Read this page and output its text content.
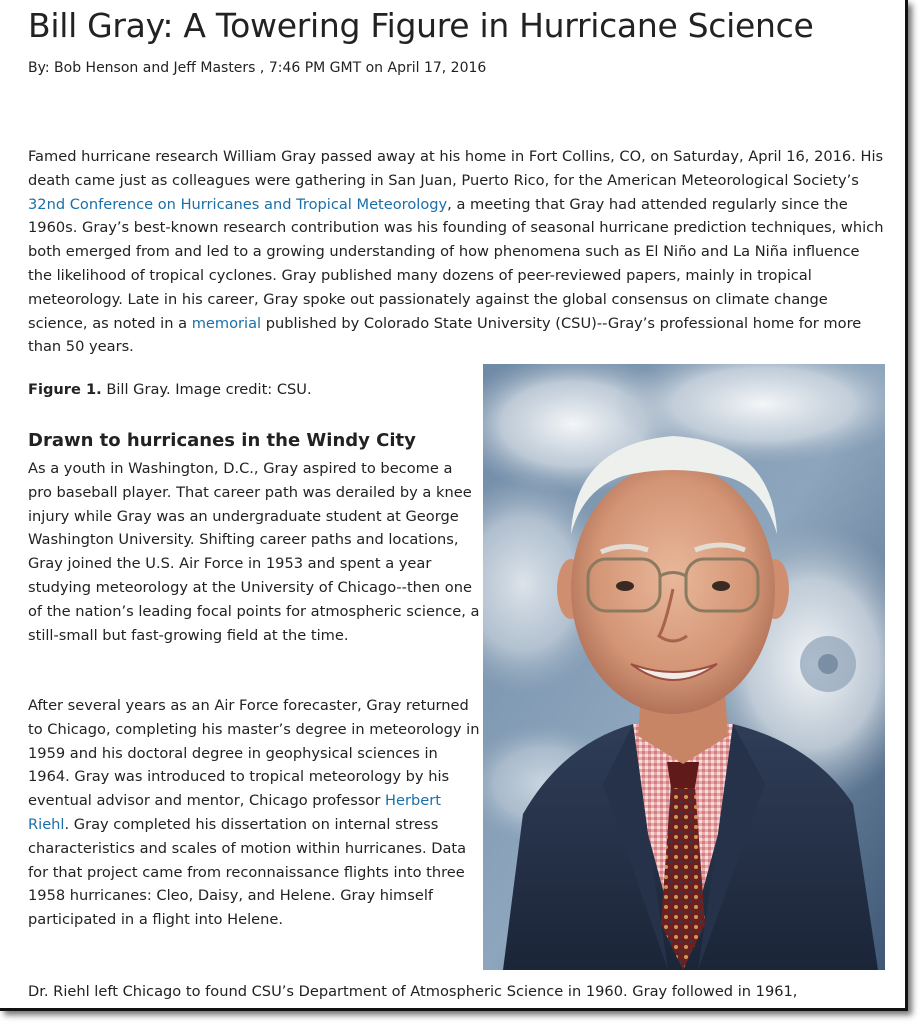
Bill Gray: A Towering Figure in Hurricane Science

By: Bob Henson and Jeff Masters , 7:46 PM GMT on April 17, 2016

Famed hurricane research William Gray passed away at his home in Fort Collins, CO, on Saturday, April 16, 2016. His death came just as colleagues were gathering in San Juan, Puerto Rico, for the American Meteorological Society’s 32nd Conference on Hurricanes and Tropical Meteorology, a meeting that Gray had attended regularly since the 1960s. Gray’s best-known research contribution was his founding of seasonal hurricane prediction techniques, which both emerged from and led to a growing understanding of how phenomena such as El Niño and La Niña influence the likelihood of tropical cyclones. Gray published many dozens of peer-reviewed papers, mainly in tropical meteorology. Late in his career, Gray spoke out passionately against the global consensus on climate change science, as noted in a memorial published by Colorado State University (CSU)--Gray’s professional home for more than 50 years.

Figure 1. Bill Gray. Image credit: CSU.

Drawn to hurricanes in the Windy City

As a youth in Washington, D.C., Gray aspired to become a pro baseball player. That career path was derailed by a knee injury while Gray was an undergraduate student at George Washington University. Shifting career paths and locations, Gray joined the U.S. Air Force in 1953 and spent a year studying meteorology at the University of Chicago--then one of the nation’s leading focal points for atmospheric science, a still-small but fast-growing field at the time.

After several years as an Air Force forecaster, Gray returned to Chicago, completing his master’s degree in meteorology in 1959 and his doctoral degree in geophysical sciences in 1964. Gray was introduced to tropical meteorology by his eventual advisor and mentor, Chicago professor Herbert Riehl. Gray completed his dissertation on internal stress characteristics and scales of motion within hurricanes. Data for that project came from reconnaissance flights into three 1958 hurricanes: Cleo, Daisy, and Helene. Gray himself participated in a flight into Helene.

Dr. Riehl left Chicago to found CSU’s Department of Atmospheric Science in 1960. Gray followed in 1961,
